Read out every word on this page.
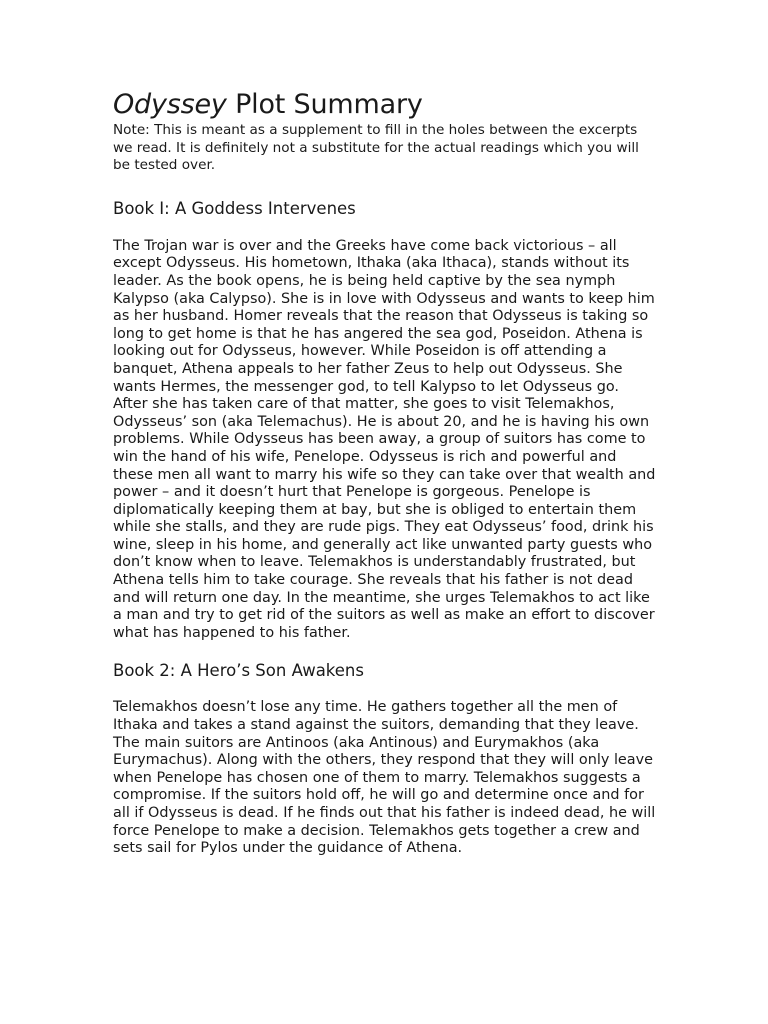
Odyssey Plot Summary

Note: This is meant as a supplement to fill in the holes between the excerpts we read. It is definitely not a substitute for the actual readings which you will be tested over.

Book I: A Goddess Intervenes

The Trojan war is over and the Greeks have come back victorious – all except Odysseus. His hometown, Ithaka (aka Ithaca), stands without its leader. As the book opens, he is being held captive by the sea nymph Kalypso (aka Calypso). She is in love with Odysseus and wants to keep him as her husband. Homer reveals that the reason that Odysseus is taking so long to get home is that he has angered the sea god, Poseidon. Athena is looking out for Odysseus, however. While Poseidon is off attending a banquet, Athena appeals to her father Zeus to help out Odysseus. She wants Hermes, the messenger god, to tell Kalypso to let Odysseus go. After she has taken care of that matter, she goes to visit Telemakhos, Odysseus’ son (aka Telemachus). He is about 20, and he is having his own problems. While Odysseus has been away, a group of suitors has come to win the hand of his wife, Penelope. Odysseus is rich and powerful and these men all want to marry his wife so they can take over that wealth and power – and it doesn’t hurt that Penelope is gorgeous. Penelope is diplomatically keeping them at bay, but she is obliged to entertain them while she stalls, and they are rude pigs. They eat Odysseus’ food, drink his wine, sleep in his home, and generally act like unwanted party guests who don’t know when to leave. Telemakhos is understandably frustrated, but Athena tells him to take courage. She reveals that his father is not dead and will return one day. In the meantime, she urges Telemakhos to act like a man and try to get rid of the suitors as well as make an effort to discover what has happened to his father.

Book 2: A Hero’s Son Awakens

Telemakhos doesn’t lose any time. He gathers together all the men of Ithaka and takes a stand against the suitors, demanding that they leave. The main suitors are Antinoos (aka Antinous) and Eurymakhos (aka Eurymachus). Along with the others, they respond that they will only leave when Penelope has chosen one of them to marry. Telemakhos suggests a compromise. If the suitors hold off, he will go and determine once and for all if Odysseus is dead. If he finds out that his father is indeed dead, he will force Penelope to make a decision. Telemakhos gets together a crew and sets sail for Pylos under the guidance of Athena.
